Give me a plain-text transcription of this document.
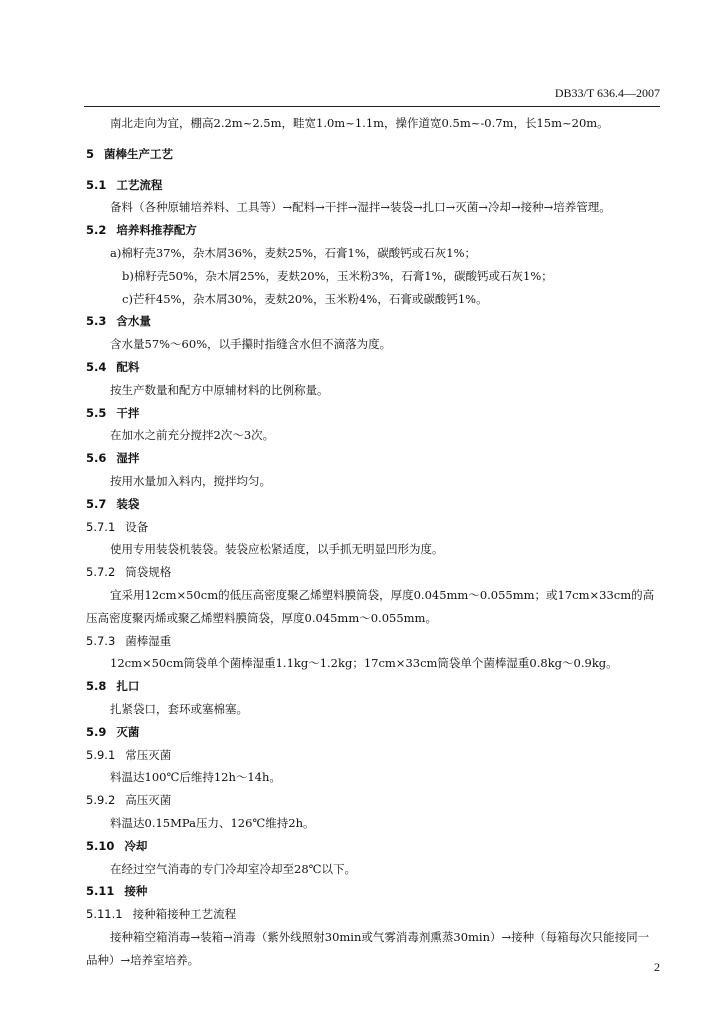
DB33/T 636.4—2007
南北走向为宜，棚高2.2m~2.5m，畦宽1.0m~1.1m，操作道宽0.5m~-0.7m，长15m~20m。
5 菌棒生产工艺
5.1 工艺流程
备料（各种原辅培养料、工具等）→配料→干拌→湿拌→装袋→扎口→灭菌→冷却→接种→培养管理。
5.2 培养料推荐配方
a)棉籽壳37%，杂木屑36%，麦麸25%，石膏1%，碳酸钙或石灰1%；
b)棉籽壳50%，杂木屑25%，麦麸20%，玉米粉3%，石膏1%，碳酸钙或石灰1%；
c)芒秆45%，杂木屑30%，麦麸20%，玉米粉4%，石膏或碳酸钙1%。
5.3 含水量
含水量57%～60%，以手攥时指缝含水但不滴落为度。
5.4 配料
按生产数量和配方中原辅材料的比例称量。
5.5 干拌
在加水之前充分搅拌2次～3次。
5.6 湿拌
按用水量加入料内，搅拌均匀。
5.7 装袋
5.7.1 设备
使用专用装袋机装袋。装袋应松紧适度，以手抓无明显凹形为度。
5.7.2 筒袋规格
宜采用12cm×50cm的低压高密度聚乙烯塑料膜筒袋，厚度0.045mm～0.055mm；或17cm×33cm的高压高密度聚丙烯或聚乙烯塑料膜筒袋，厚度0.045mm～0.055mm。
5.7.3 菌棒湿重
12cm×50cm筒袋单个菌棒湿重1.1kg～1.2kg；17cm×33cm筒袋单个菌棒湿重0.8kg～0.9kg。
5.8 扎口
扎紧袋口，套环或塞棉塞。
5.9 灭菌
5.9.1 常压灭菌
料温达100℃后维持12h～14h。
5.9.2 高压灭菌
料温达0.15MPa压力、126℃维持2h。
5.10 冷却
在经过空气消毒的专门冷却室冷却至28℃以下。
5.11 接种
5.11.1 接种箱接种工艺流程
接种箱空箱消毒→装箱→消毒（紫外线照射30min或气雾消毒剂熏蒸30min）→接种（每箱每次只能接同一品种）→培养室培养。
2
